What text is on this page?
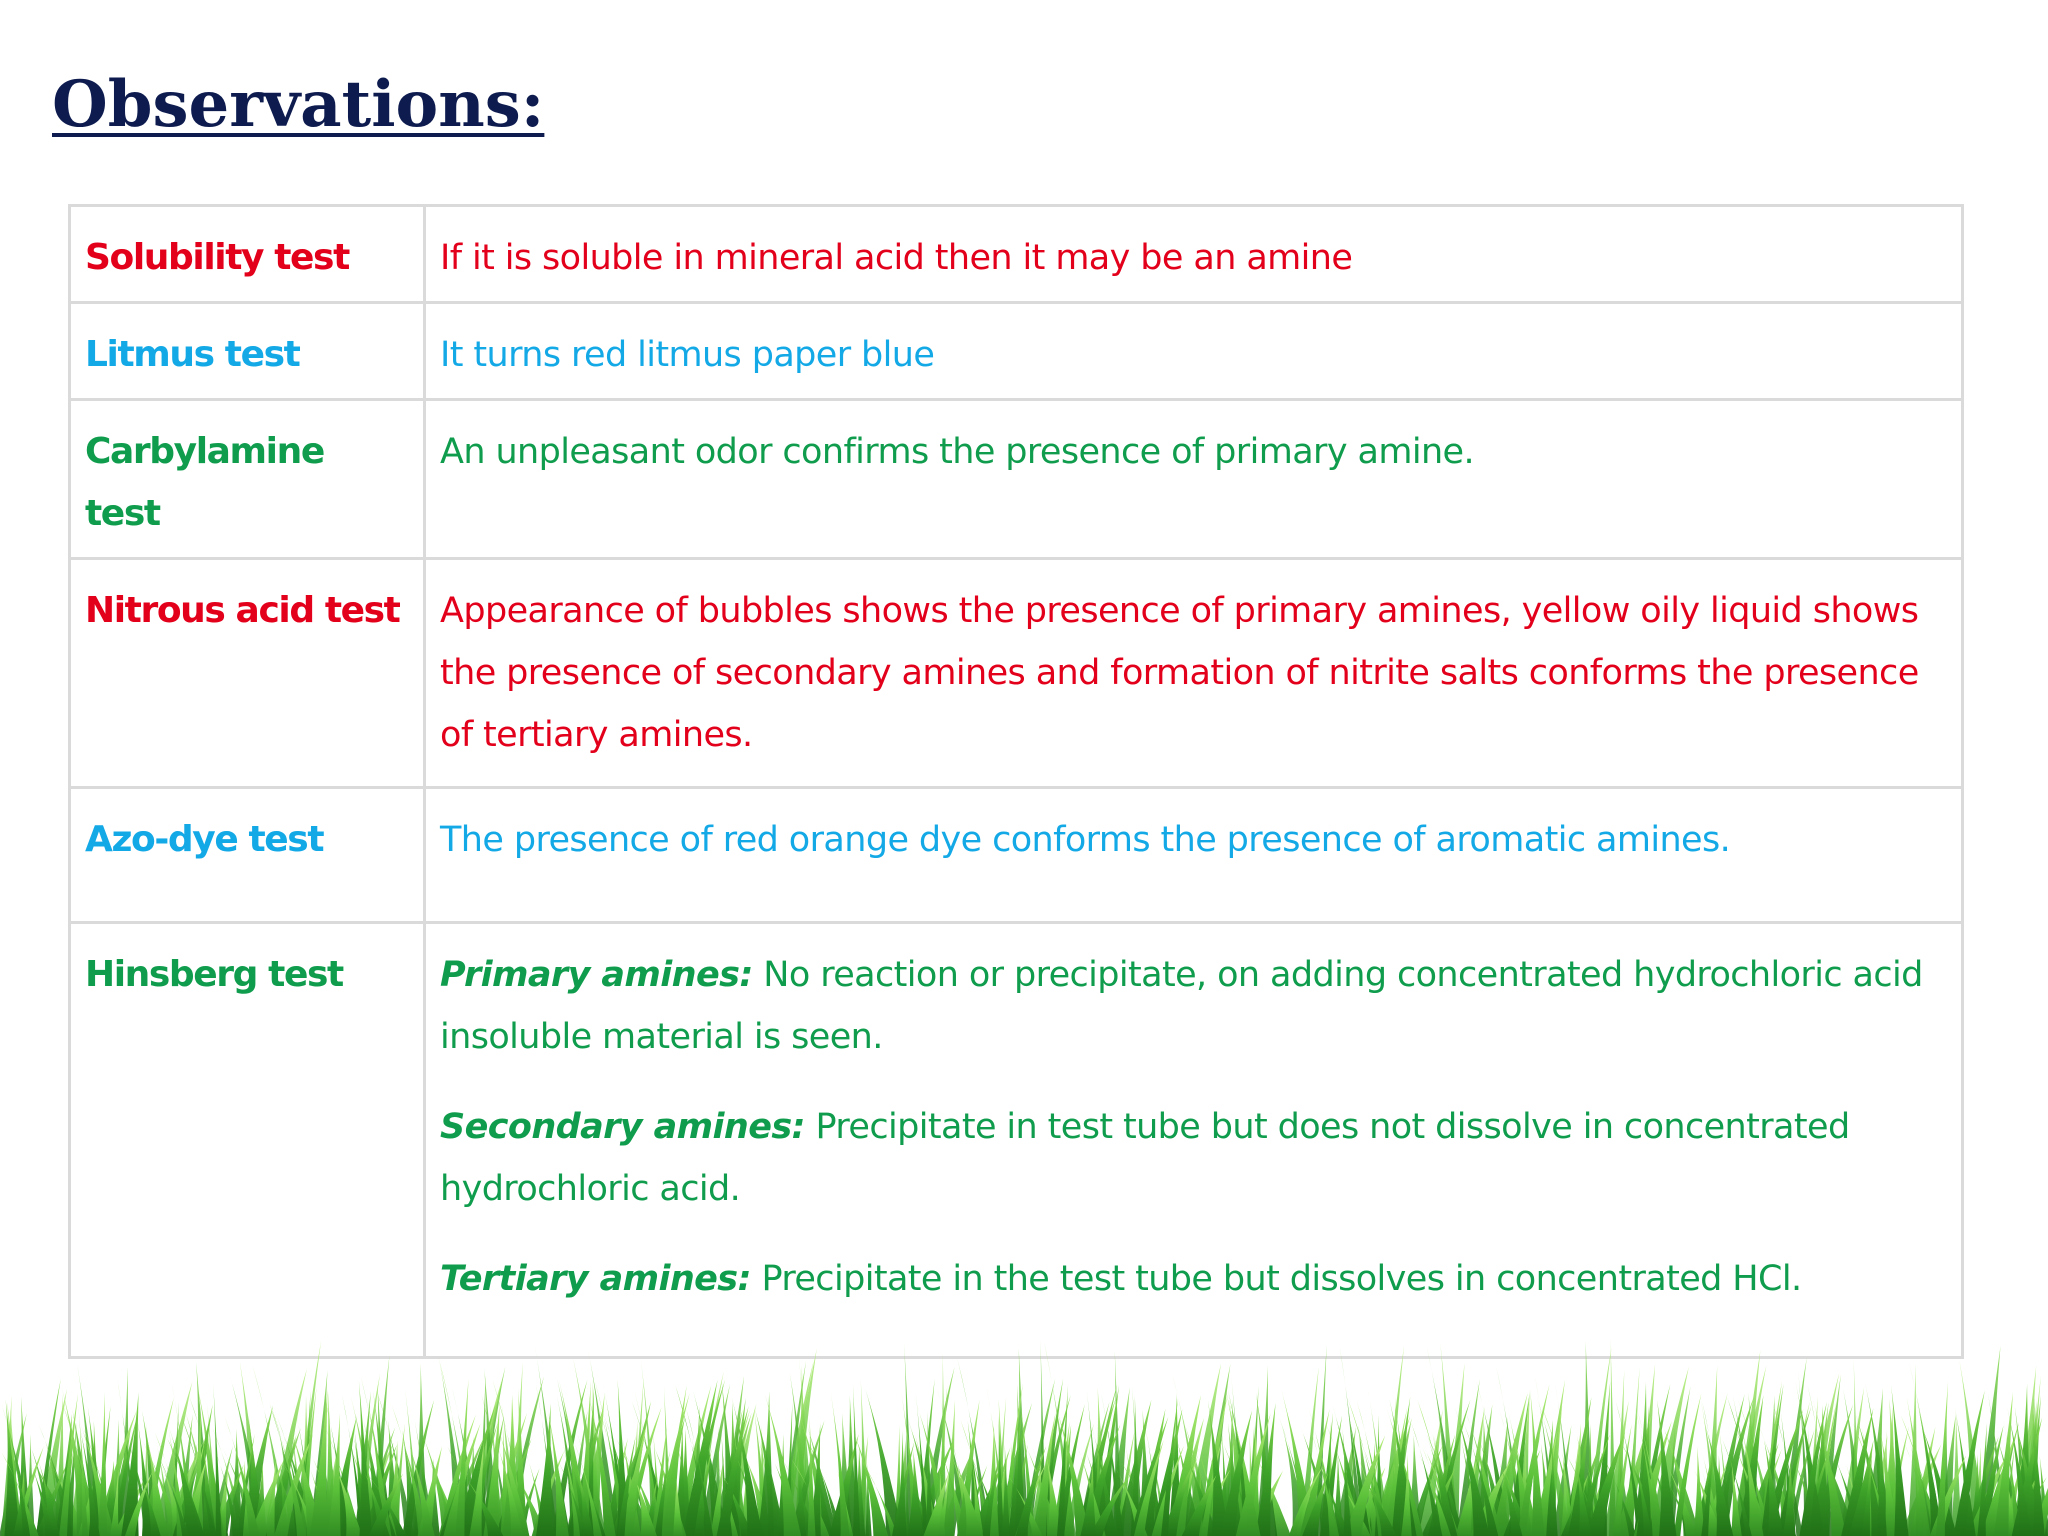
Observations:
Solubility test	If it is soluble in mineral acid then it may be an amine
Litmus test	It turns red litmus paper blue
Carbylamine test	An unpleasant odor confirms the presence of primary amine.
Nitrous acid test	Appearance of bubbles shows the presence of primary amines, yellow oily liquid shows the presence of secondary amines and formation of nitrite salts conforms the presence of tertiary amines.
Azo-dye test	The presence of red orange dye conforms the presence of aromatic amines.
Hinsberg test	Primary amines: No reaction or precipitate, on adding concentrated hydrochloric acid insoluble material is seen.

Secondary amines: Precipitate in test tube but does not dissolve in concentrated hydrochloric acid.

Tertiary amines: Precipitate in the test tube but dissolves in concentrated HCl.
